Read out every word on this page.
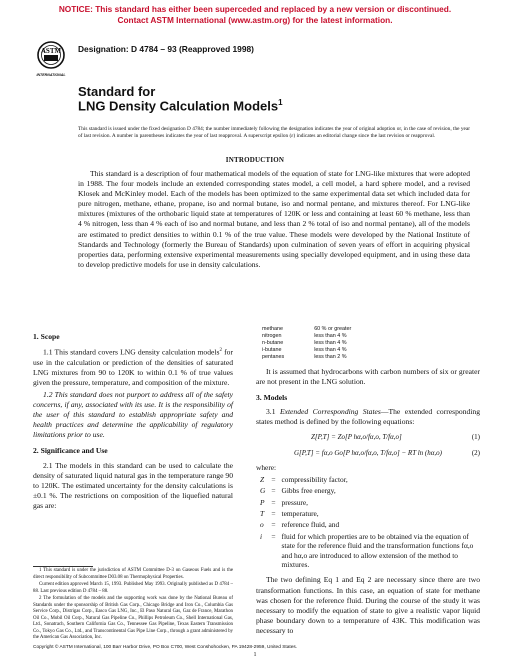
NOTICE: This standard has either been superceded and replaced by a new version or discontinued.
Contact ASTM International (www.astm.org) for the latest information.
ASTM
INTERNATIONAL
Designation: D 4784 – 93 (Reapproved 1998)
Standard for
LNG Density Calculation Models$^1$
This standard is issued under the fixed designation D 4784; the number immediately following the designation indicates the year of original adoption or, in the case of revision, the year of last revision. A number in parentheses indicates the year of last reapproval. A superscript epsilon (ε) indicates an editorial change since the last revision or reapproval.
INTRODUCTION

This standard is a description of four mathematical models of the equation of state for LNG-like mixtures that were adopted in 1988. The four models include an extended corresponding states model, a cell model, a hard sphere model, and a revised Klosek and McKinley model. Each of the models has been optimized to the same experimental data set which included data for pure nitrogen, methane, ethane, propane, iso and normal butane, iso and normal pentane, and mixtures thereof. For LNG-like mixtures (mixtures of the orthobaric liquid state at temperatures of 120K or less and containing at least 60 % methane, less than 4 % nitrogen, less than 4 % each of iso and normal butane, and less than 2 % total of iso and normal pentane), all of the models are estimated to predict densities to within 0.1 % of the true value. These models were developed by the National Institute of Standards and Technology (formerly the Bureau of Standards) upon culmination of seven years of effort in acquiring physical properties data, performing extensive experimental measurements using specially developed equipment, and in using these data to develop predictive models for use in density calculations.

1. Scope

1.1 This standard covers LNG density calculation models$^2$ for use in the calculation or prediction of the densities of saturated LNG mixtures from 90 to 120K to within 0.1 % of true values given the pressure, temperature, and composition of the mixture.

1.2 This standard does not purport to address all of the safety concerns, if any, associated with its use. It is the responsibility of the user of this standard to establish appropriate safety and health practices and determine the applicability of regulatory limitations prior to use.

2. Significance and Use

2.1 The models in this standard can be used to calculate the density of saturated liquid natural gas in the temperature range 90 to 120K. The estimated uncertainty for the density calculations is ±0.1 %. The restrictions on composition of the liquefied natural gas are:

methane	60 % or greater
nitrogen	less than 4 %
n-butane	less than 4 %
i-butane	less than 4 %
pentanes	less than 2 %

It is assumed that hydrocarbons with carbon numbers of six or greater are not present in the LNG solution.

3. Models

3.1 Extended Corresponding States—The extended corresponding states method is defined by the following equations:

Z[P,T] = Zo[P hα,o/fα,o, T/fα,o]	(1)
G[P,T] = fα,o Go[P hα,o/fα,o, T/fα,o] − RT ln (hα,o)	(2)
where:
Z	=	compressibility factor,
G	=	Gibbs free energy,
P	=	pressure,
T	=	temperature,
o	=	reference fluid, and
i	=	fluid for which properties are to be obtained via the equation of state for the reference fluid and the transformation functions fα,o and hα,o are introduced to allow extension of the method to mixtures.

The two defining Eq 1 and Eq 2 are necessary since there are two transformation functions. In this case, an equation of state for methane was chosen for the reference fluid. During the course of the study it was necessary to modify the equation of state to give a realistic vapor liquid phase boundary down to a temperature of 43K. This modification was necessary to

1 This standard is under the jurisdiction of ASTM Committee D-3 on Gaseous Fuels and is the direct responsibility of Subcommittee D03.08 on Thermophysical Properties.

Current edition approved March 15, 1993. Published May 1993. Originally published as D 4784 – 88. Last previous edition D 4784 – 88.

2 The formulation of the models and the supporting work was done by the National Bureau of Standards under the sponsorship of British Gas Corp., Chicago Bridge and Iron Co., Columbia Gas Service Corp., Distrigas Corp., Easco Gas LNG, Inc., El Paso Natural Gas, Gaz de France, Marathon Oil Co., Mobil Oil Corp., Natural Gas Pipeline Co., Phillips Petroleum Co., Shell International Gas, Ltd., Sonatrach, Southern California Gas Co., Tennessee Gas Pipeline, Texas Eastern Transmission Co., Tokyo Gas Co., Ltd., and Transcontinental Gas Pipe Line Corp., through a grant administered by the American Gas Association, Inc.

Copyright © ASTM International, 100 Barr Harbor Drive, PO Box C700, West Conshohocken, PA 19428-2959, United States.
1
